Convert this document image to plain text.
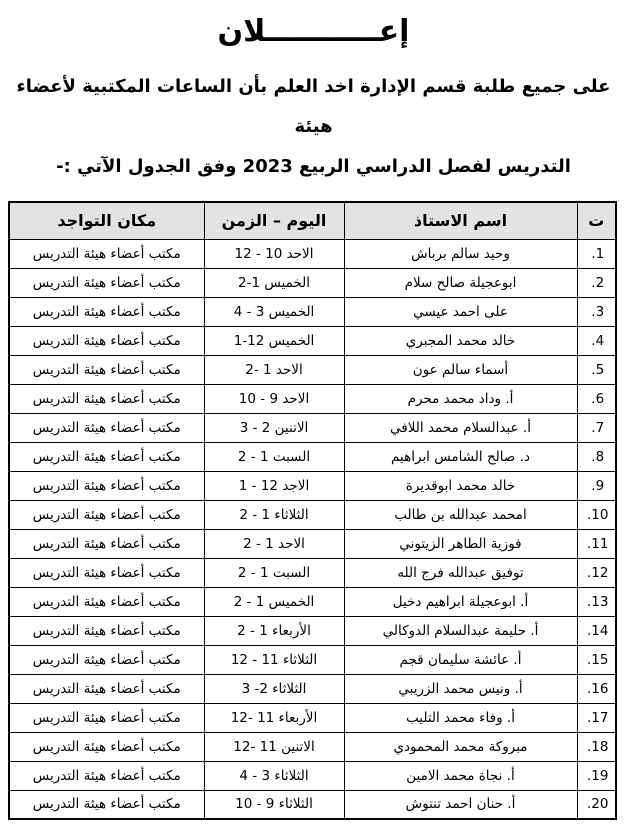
إعـــــــــــلان
على جميع طلبة قسم الإدارة اخد العلم بأن الساعات المكتبية لأعضاء هيئة
التدريس لفصل الدراسي الربيع 2023 وفق الجدول الآتي :-
ت	اسم الاستاذ	اليوم – الزمن	مكان التواجد
1.	وحيد سالم برباش	الاحد 10 - 12	مكتب أعضاء هيئة التدريس
2.	ابوعجيلة صالح سلام	الخميس 1-2	مكتب أعضاء هيئة التدريس
3.	على احمد عيسي	الخميس 3 - 4	مكتب أعضاء هيئة التدريس
4.	خالد محمد المجبري	الخميس 12-1	مكتب أعضاء هيئة التدريس
5.	أسماء سالم عون	الاحد 1 -2	مكتب أعضاء هيئة التدريس
6.	أ. وداد محمد محرم	الاحد 9 - 10	مكتب أعضاء هيئة التدريس
7.	أ. عبدالسلام محمد اللافي	الاتنين 2 - 3	مكتب أعضاء هيئة التدريس
8.	د. صالح الشامس ابراهيم	السبت 1 - 2	مكتب أعضاء هيئة التدريس
9.	خالد محمد ابوقديرة	الاجد 12 - 1	مكتب أعضاء هيئة التدريس
10.	امحمد عبدالله بن طالب	الثلاثاء 1 - 2	مكتب أعضاء هيئة التدريس
11.	فوزية الطاهر الزيتوني	الاحد 1 - 2	مكتب أعضاء هيئة التدريس
12.	توفيق عبدالله فرج الله	السبت 1 - 2	مكتب أعضاء هيئة التدريس
13.	أ. ابوعجيلة ابراهيم دخيل	الخميس 1 - 2	مكتب أعضاء هيئة التدريس
14.	أ. حليمة عبدالسلام الدوكالي	الأربعاء 1 - 2	مكتب أعضاء هيئة التدريس
15.	أ. عائشة سليمان قجم	الثلاثاء 11 - 12	مكتب أعضاء هيئة التدريس
16.	أ. ونيس محمد الزريبي	الثلاثاء 2- 3	مكتب أعضاء هيئة التدريس
17.	أ. وفاء محمد التليب	الأربعاء 11 -12	مكتب أعضاء هيئة التدريس
18.	مبروكة محمد المحمودي	الاتنين 11 -12	مكتب أعضاء هيئة التدريس
19.	أ. نجاة محمد الامين	الثلاثاء 3 - 4	مكتب أعضاء هيئة التدريس
20.	أ. حنان احمد تنتوش	الثلاثاء 9 - 10	مكتب أعضاء هيئة التدريس
